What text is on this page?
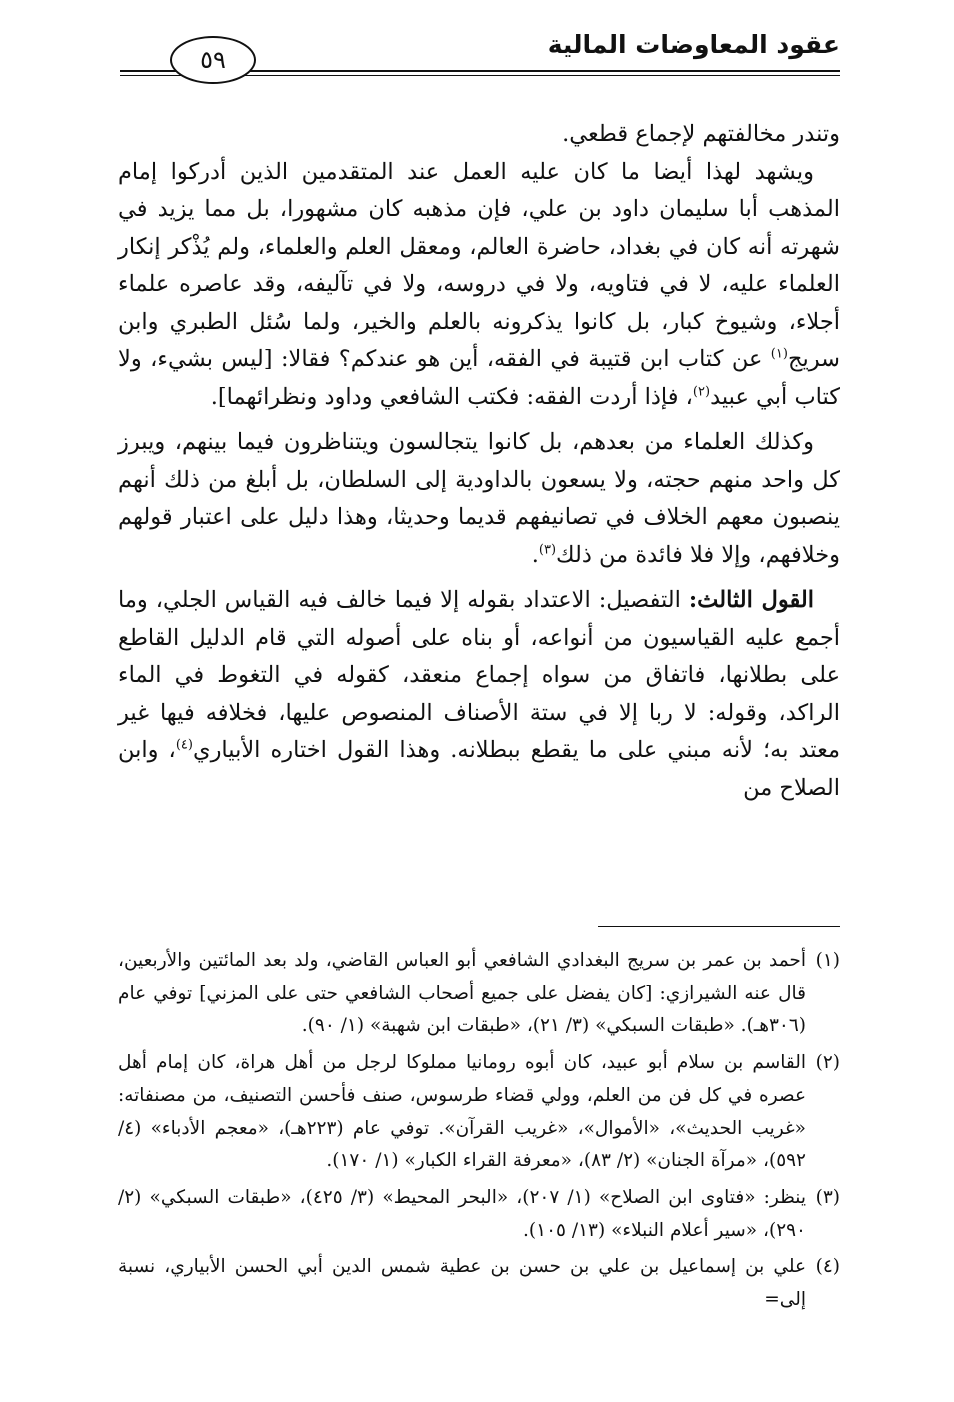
عقود المعاوضات المالية
٥٩

وتندر مخالفتهم لإجماع قطعي.

ويشهد لهذا أيضا ما كان عليه العمل عند المتقدمين الذين أدركوا إمام المذهب أبا سليمان داود بن علي، فإن مذهبه كان مشهورا، بل مما يزيد في شهرته أنه كان في بغداد، حاضرة العالم، ومعقل العلم والعلماء، ولم يُذْكر إنكار العلماء عليه، لا في فتاويه، ولا في دروسه، ولا في تآليفه، وقد عاصره علماء أجلاء، وشيوخ كبار، بل كانوا يذكرونه بالعلم والخير، ولما سُئل الطبري وابن سريج$^{(١)}$ عن كتاب ابن قتيبة في الفقه، أين هو عندكم؟ فقالا: [ليس بشيء، ولا كتاب أبي عبيد$^{(٢)}$، فإذا أردت الفقه: فكتب الشافعي وداود ونظرائهما].

وكذلك العلماء من بعدهم، بل كانوا يتجالسون ويتناظرون فيما بينهم، ويبرز كل واحد منهم حجته، ولا يسعون بالداودية إلى السلطان، بل أبلغ من ذلك أنهم ينصبون معهم الخلاف في تصانيفهم قديما وحديثا، وهذا دليل على اعتبار قولهم وخلافهم، وإلا فلا فائدة من ذلك$^{(٣)}$.

القول الثالث: التفصيل: الاعتداد بقوله إلا فيما خالف فيه القياس الجلي، وما أجمع عليه القياسيون من أنواعه، أو بناه على أصوله التي قام الدليل القاطع على بطلانها، فاتفاق من سواه إجماع منعقد، كقوله في التغوط في الماء الراكد، وقوله: لا ربا إلا في ستة الأصناف المنصوص عليها، فخلافه فيها غير معتد به؛ لأنه مبني على ما يقطع ببطلانه. وهذا القول اختاره الأبياري$^{(٤)}$، وابن الصلاح من

(١)أحمد بن عمر بن سريج البغدادي الشافعي أبو العباس القاضي، ولد بعد المائتين والأربعين، قال عنه الشيرازي: [كان يفضل على جميع أصحاب الشافعي حتى على المزني] توفي عام (٣٠٦هـ). «طبقات السبكي» (٣/ ٢١)، «طبقات ابن شهبة» (١/ ٩٠).

(٢)القاسم بن سلام أبو عبيد، كان أبوه رومانيا مملوكا لرجل من أهل هراة، كان إمام أهل عصره في كل فن من العلم، وولي قضاء طرسوس، صنف فأحسن التصنيف، من مصنفاته: «غريب الحديث»، «الأموال»، «غريب القرآن». توفي عام (٢٢٣هـ)، «معجم الأدباء» (٤/ ٥٩٢)، «مرآة الجنان» (٢/ ٨٣)، «معرفة القراء الكبار» (١/ ١٧٠).

(٣)ينظر: «فتاوى ابن الصلاح» (١/ ٢٠٧)، «البحر المحيط» (٣/ ٤٢٥)، «طبقات السبكي» (٢/ ٢٩٠)، «سير أعلام النبلاء» (١٣/ ١٠٥).

(٤)علي بن إسماعيل بن علي بن حسن بن عطية شمس الدين أبي الحسن الأبياري، نسبة إلى=
